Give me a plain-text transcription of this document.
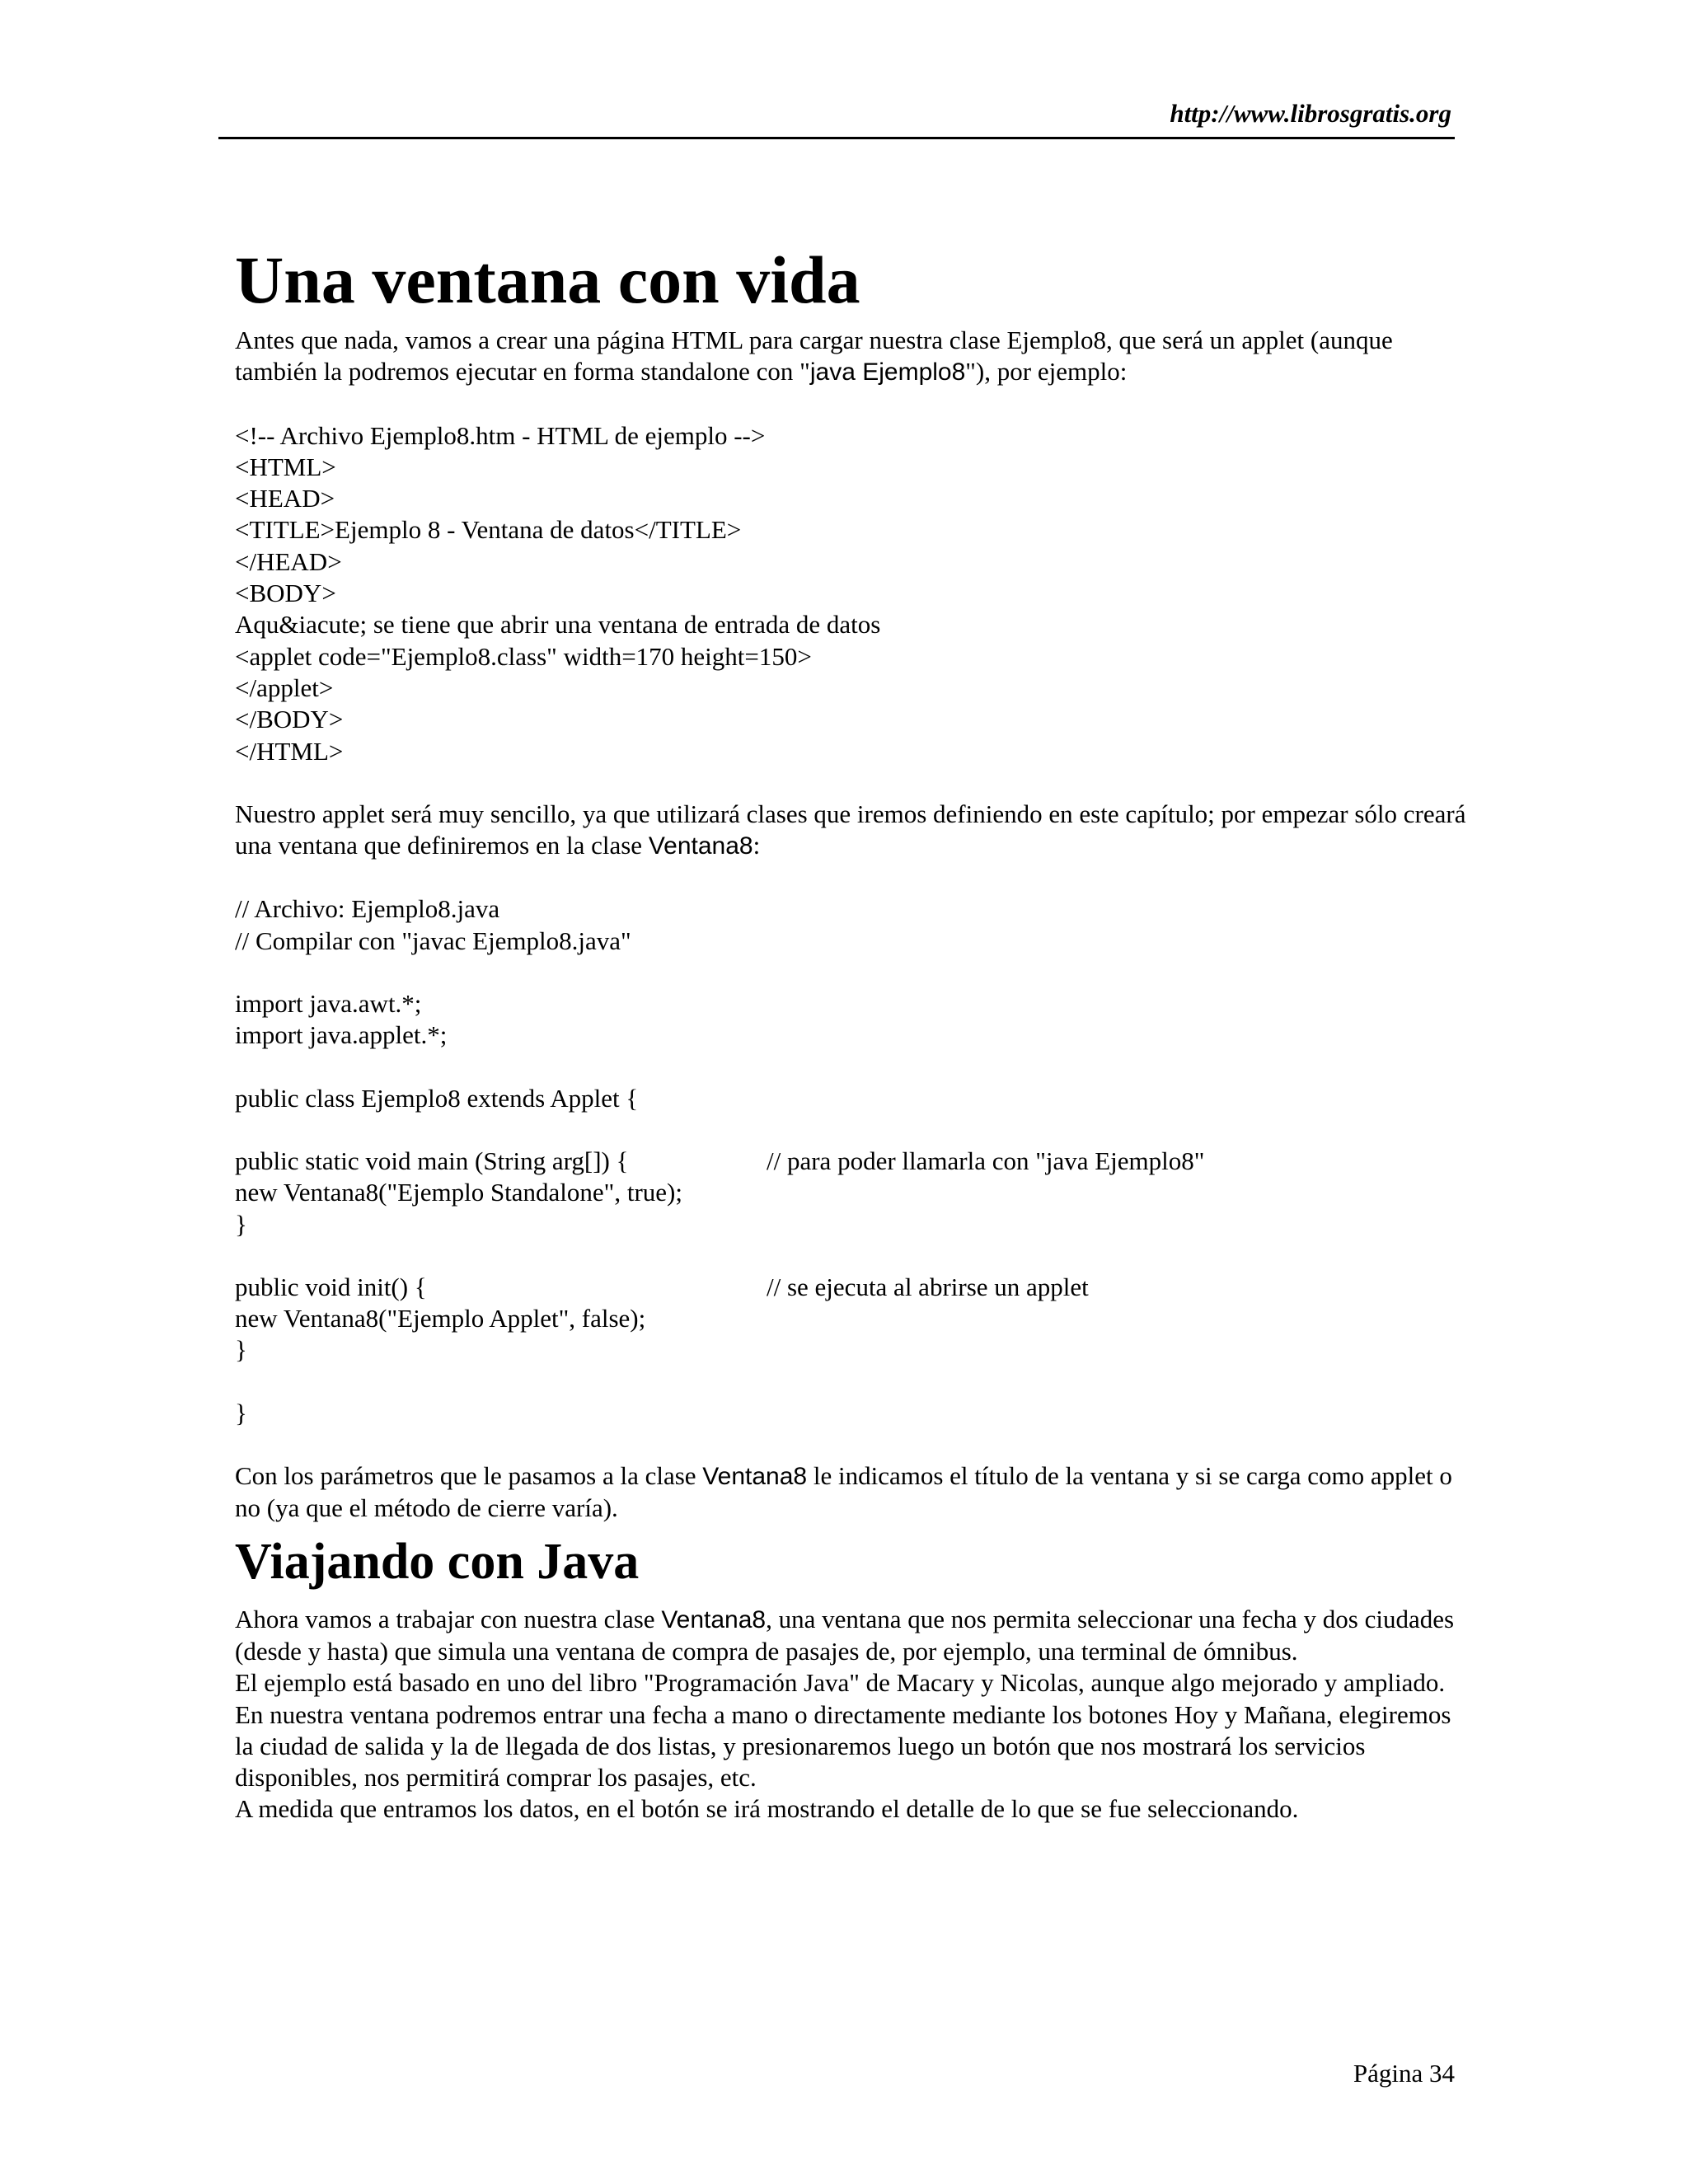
http://www.librosgratis.org
Una ventana con vida

Antes que nada, vamos a crear una página HTML para cargar nuestra clase Ejemplo8, que será un applet (aunque también la podremos ejecutar en forma standalone con "java Ejemplo8"), por ejemplo:

<!-- Archivo Ejemplo8.htm - HTML de ejemplo -->
<HTML>
<HEAD>
<TITLE>Ejemplo 8 - Ventana de datos</TITLE>
</HEAD>
<BODY>
Aqu&iacute; se tiene que abrir una ventana de entrada de datos
<applet code="Ejemplo8.class" width=170 height=150>
</applet>
</BODY>
</HTML>

Nuestro applet será muy sencillo, ya que utilizará clases que iremos definiendo en este capítulo; por empezar sólo creará una ventana que definiremos en la clase Ventana8:

// Archivo: Ejemplo8.java
// Compilar con "javac Ejemplo8.java"
import java.awt.*;
import java.applet.*;
public class Ejemplo8 extends Applet {
public static void main (String arg[]) {	// para poder llamarla con "java Ejemplo8"
new Ventana8("Ejemplo Standalone", true);
}
public void init() {	// se ejecuta al abrirse un applet
new Ventana8("Ejemplo Applet", false);
}
}

Con los parámetros que le pasamos a la clase Ventana8 le indicamos el título de la ventana y si se carga como applet o no (ya que el método de cierre varía).

Viajando con Java

Ahora vamos a trabajar con nuestra clase Ventana8, una ventana que nos permita seleccionar una fecha y dos ciudades (desde y hasta) que simula una ventana de compra de pasajes de, por ejemplo, una terminal de ómnibus.

El ejemplo está basado en uno del libro "Programación Java" de Macary y Nicolas, aunque algo mejorado y ampliado.

En nuestra ventana podremos entrar una fecha a mano o directamente mediante los botones Hoy y Mañana, elegiremos la ciudad de salida y la de llegada de dos listas, y presionaremos luego un botón que nos mostrará los servicios disponibles, nos permitirá comprar los pasajes, etc.

A medida que entramos los datos, en el botón se irá mostrando el detalle de lo que se fue seleccionando.

Página 34
